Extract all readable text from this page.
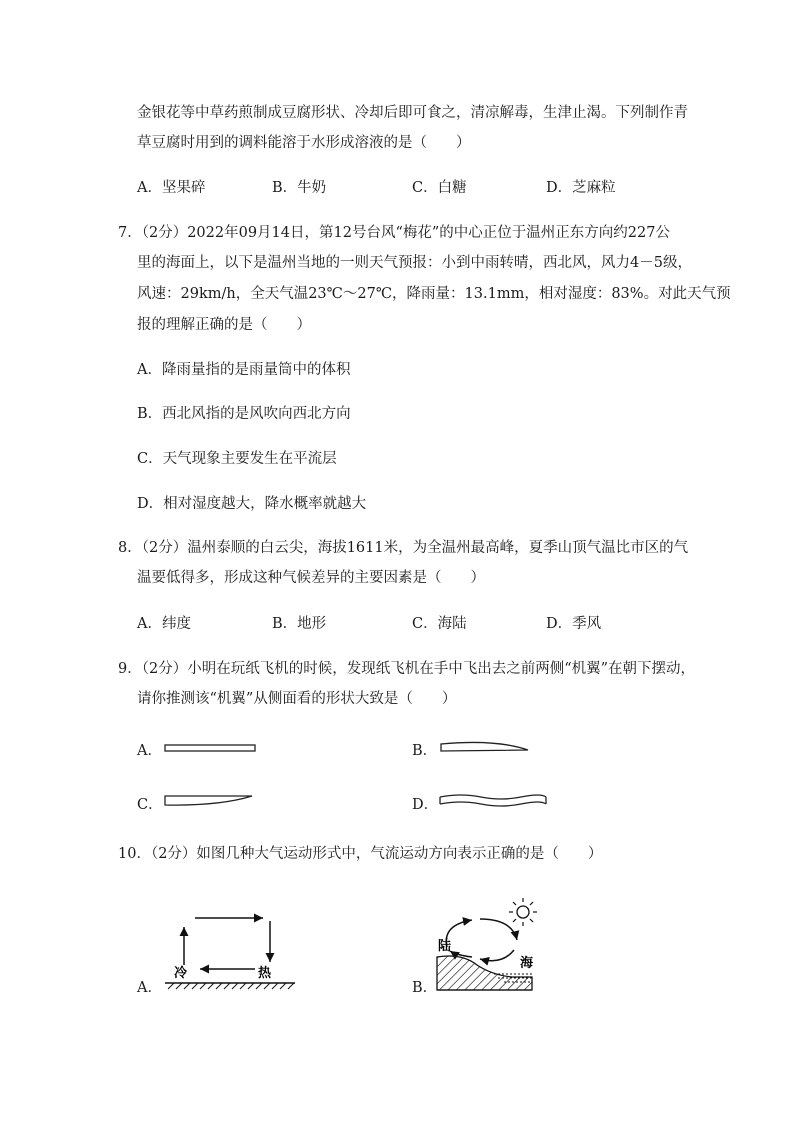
金银花等中草药煎制成豆腐形状、冷却后即可食之，清凉解毒，生津止渴。下列制作青
草豆腐时用到的调料能溶于水形成溶液的是（　　）
A．坚果碎	B．牛奶	C．白糖	D．芝麻粒
7．（2分）2022年09月14日，第12号台风“梅花”的中心正位于温州正东方向约227公
里的海面上，以下是温州当地的一则天气预报：小到中雨转晴，西北风，风力4－5级，
风速：29km/h，全天气温23℃～27℃，降雨量：13.1mm，相对湿度：83%。对此天气预
报的理解正确的是（　　）
A．降雨量指的是雨量筒中的体积
B．西北风指的是风吹向西北方向
C．天气现象主要发生在平流层
D．相对湿度越大，降水概率就越大
8．（2分）温州泰顺的白云尖，海拔1611米，为全温州最高峰，夏季山顶气温比市区的气
温要低得多，形成这种气候差异的主要因素是（　　）
A．纬度	B．地形	C．海陆	D．季风
9．（2分）小明在玩纸飞机的时候，发现纸飞机在手中飞出去之前两侧“机翼”在朝下摆动，
请你推测该“机翼”从侧面看的形状大致是（　　）
A．	B．
C．	D．
10．（2分）如图几种大气运动形式中，气流运动方向表示正确的是（　　）
A．
冷	热
B．
陆
海
